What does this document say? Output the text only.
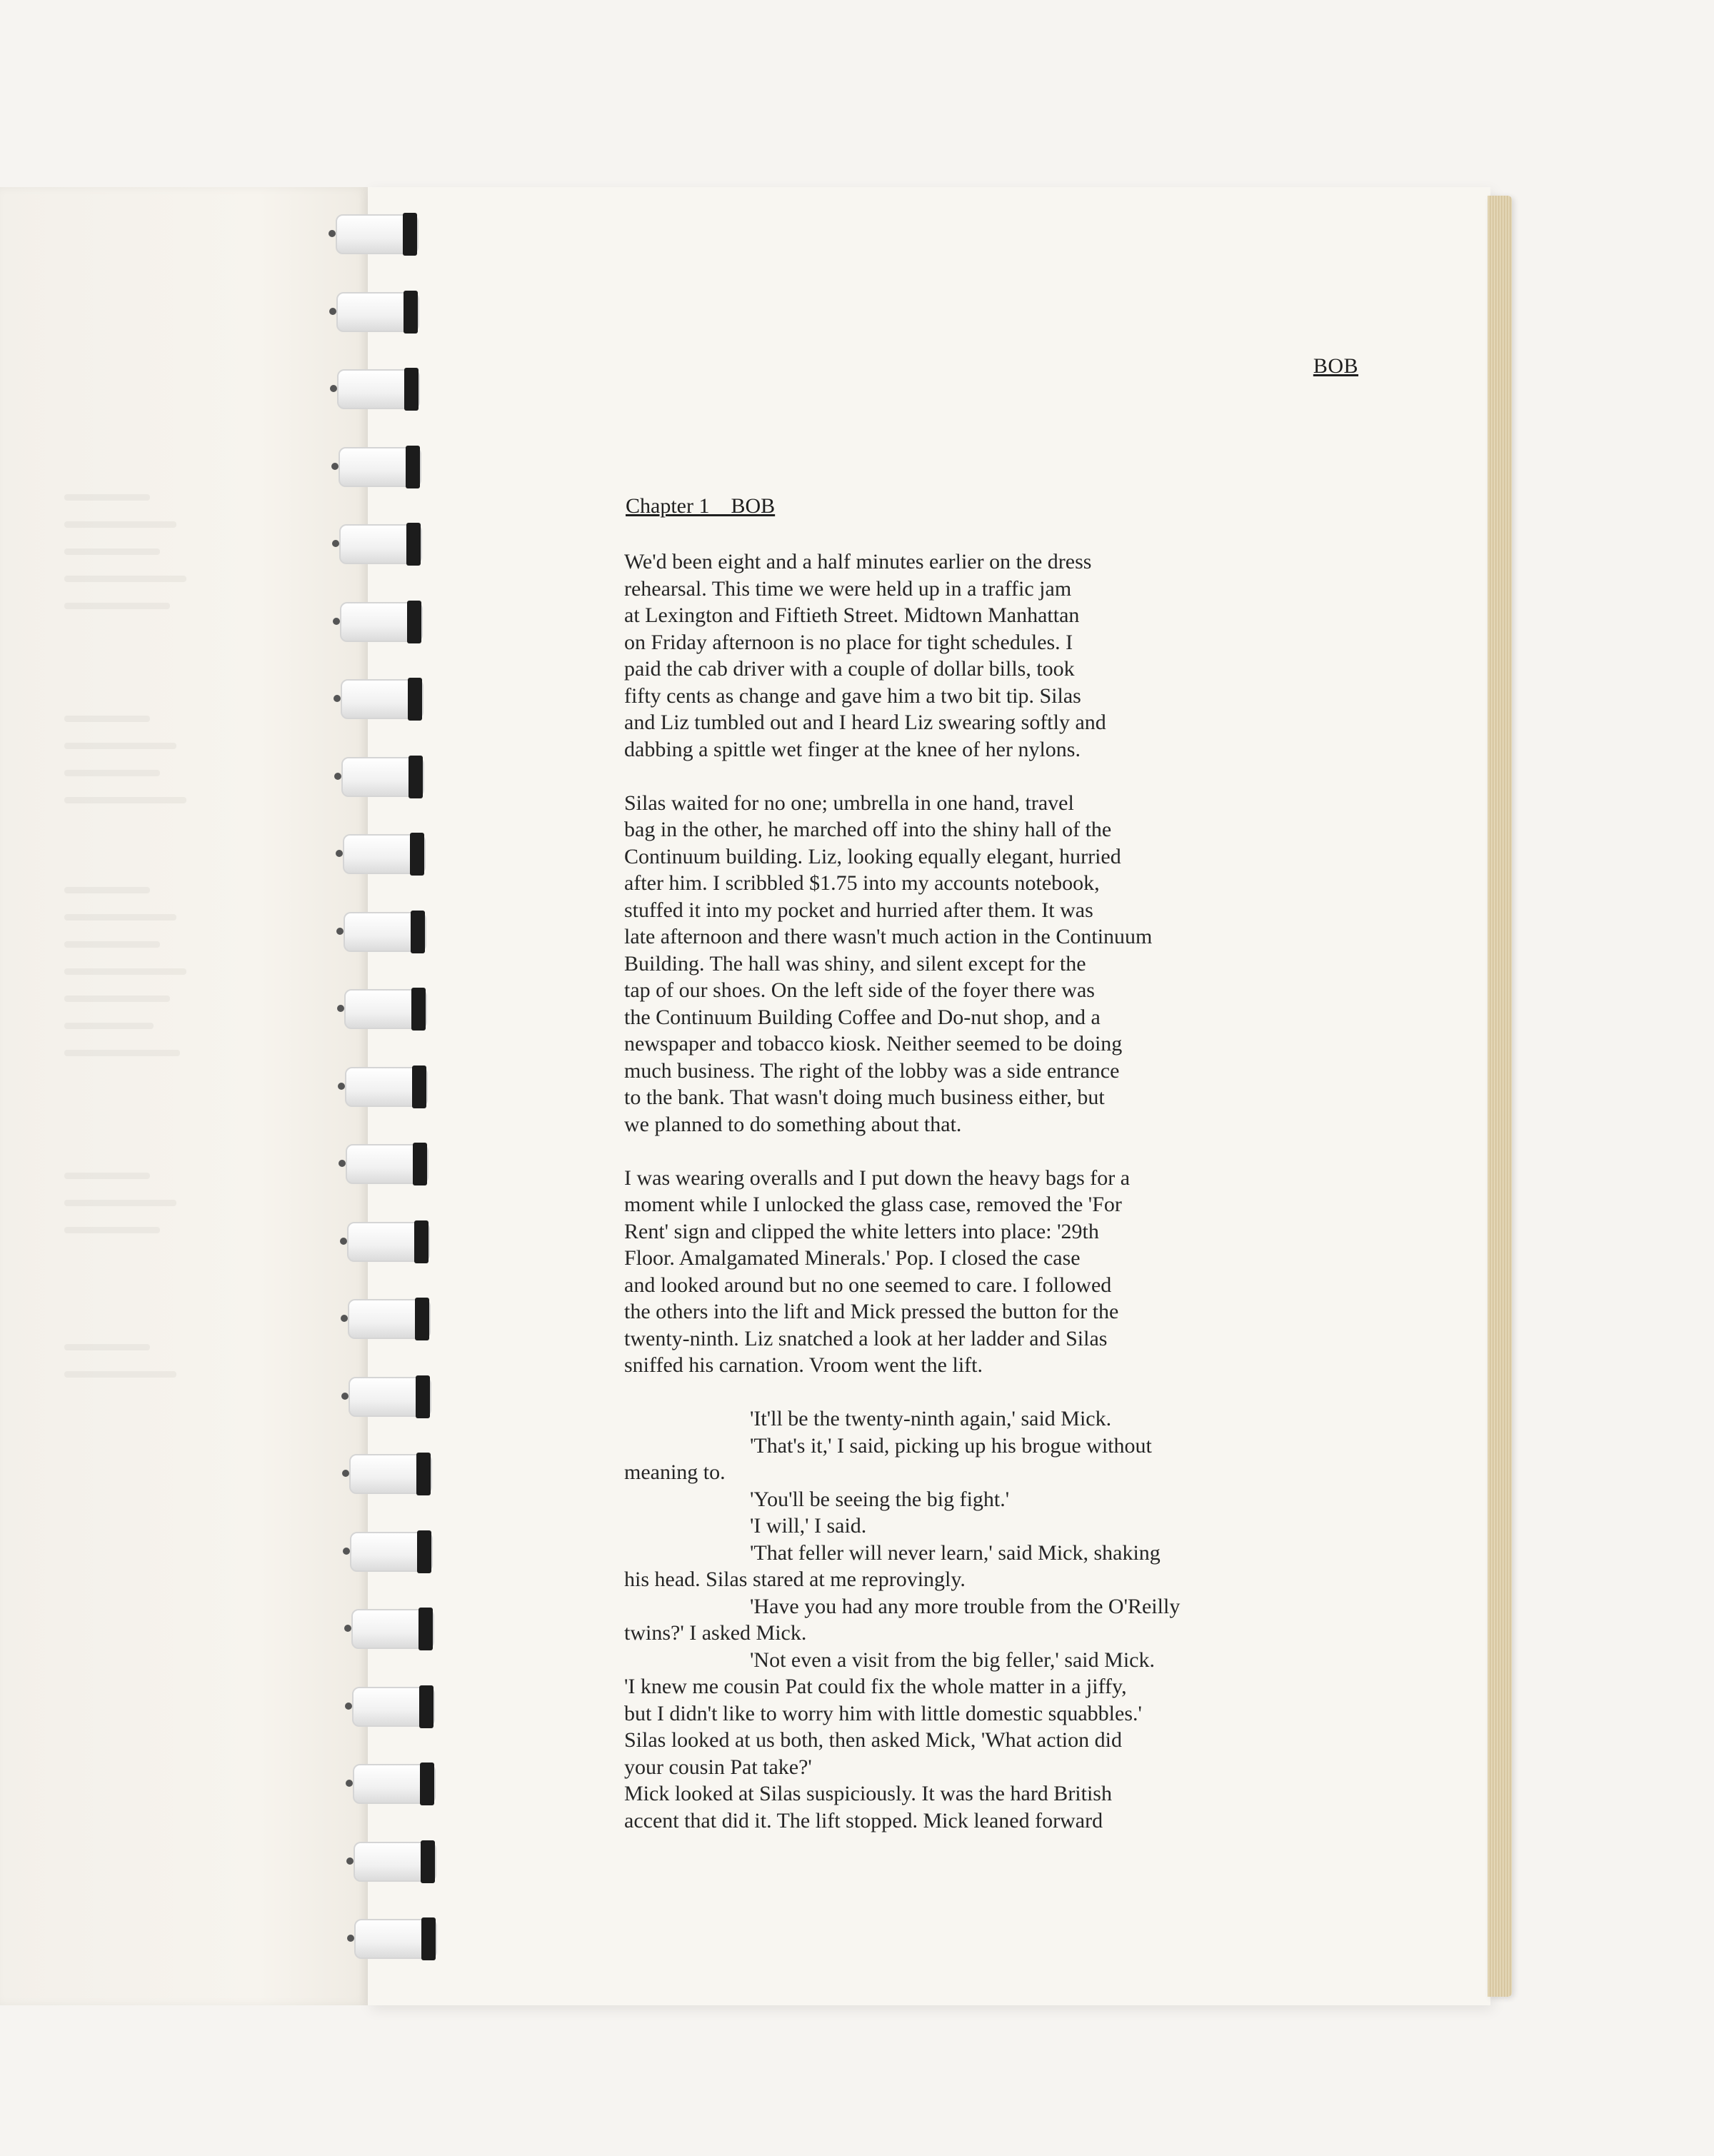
BOB
Chapter 1    BOB

We'd been eight and a half minutes earlier on the dress
rehearsal. This time we were held up in a traffic jam
at Lexington and Fiftieth Street. Midtown Manhattan
on Friday afternoon is no place for tight schedules. I
paid the cab driver with a couple of dollar bills, took
fifty cents as change and gave him a two bit tip. Silas
and Liz tumbled out and I heard Liz swearing softly and
dabbing a spittle wet finger at the knee of her nylons.

Silas waited for no one; umbrella in one hand, travel
bag in the other, he marched off into the shiny hall of the
Continuum building. Liz, looking equally elegant, hurried
after him. I scribbled $1.75 into my accounts notebook,
stuffed it into my pocket and hurried after them. It was
late afternoon and there wasn't much action in the Continuum
Building. The hall was shiny, and silent except for the
tap of our shoes. On the left side of the foyer there was
the Continuum Building Coffee and Do-nut shop, and a
newspaper and tobacco kiosk. Neither seemed to be doing
much business. The right of the lobby was a side entrance
to the bank. That wasn't doing much business either, but
we planned to do something about that.

I was wearing overalls and I put down the heavy bags for a
moment while I unlocked the glass case, removed the 'For
Rent' sign and clipped the white letters into place: '29th
Floor. Amalgamated Minerals.' Pop. I closed the case
and looked around but no one seemed to care. I followed
the others into the lift and Mick pressed the button for the
twenty-ninth. Liz snatched a look at her ladder and Silas
sniffed his carnation. Vroom went the lift.

'It'll be the twenty-ninth again,' said Mick.
'That's it,' I said, picking up his brogue without
meaning to.
'You'll be seeing the big fight.'
'I will,' I said.
'That feller will never learn,' said Mick, shaking
his head. Silas stared at me reprovingly.
'Have you had any more trouble from the O'Reilly
twins?' I asked Mick.
'Not even a visit from the big feller,' said Mick.
'I knew me cousin Pat could fix the whole matter in a jiffy,
but I didn't like to worry him with little domestic squabbles.'
Silas looked at us both, then asked Mick, 'What action did
your cousin Pat take?'
Mick looked at Silas suspiciously. It was the hard British
accent that did it. The lift stopped. Mick leaned forward
